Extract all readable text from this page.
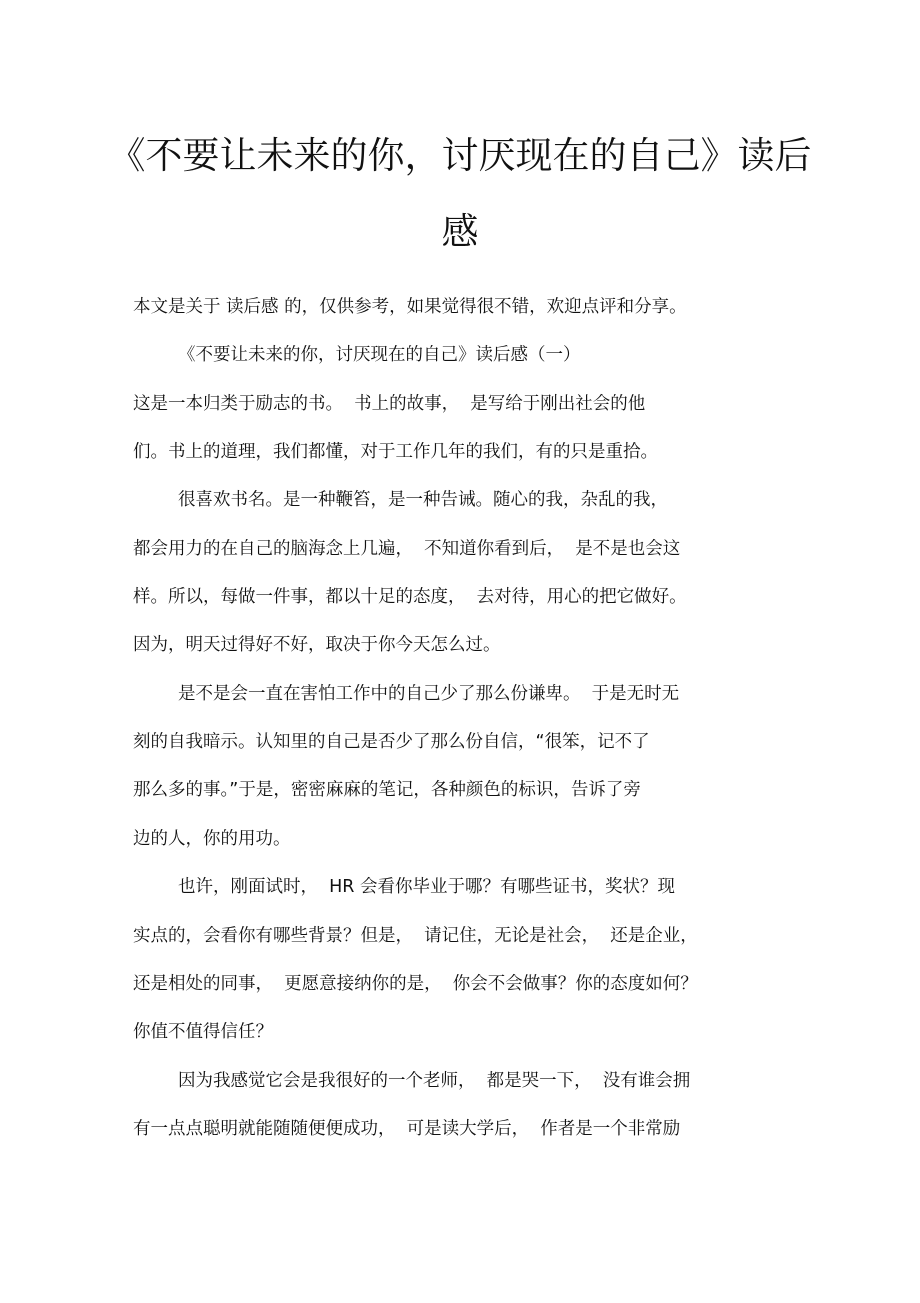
《不要让未来的你，讨厌现在的自己》读后
感
本文是关于 读后感 的，仅供参考，如果觉得很不错，欢迎点评和分享。
《不要让未来的你，讨厌现在的自己》读后感（一）
这是一本归类于励志的书。  书上的故事，  是写给于刚出社会的他
们。书上的道理，我们都懂，对于工作几年的我们，有的只是重拾。
很喜欢书名。是一种鞭笞，是一种告诫。随心的我，杂乱的我，
都会用力的在自己的脑海念上几遍，  不知道你看到后，  是不是也会这
样。所以，每做一件事，都以十足的态度，  去对待，用心的把它做好。
因为，明天过得好不好，取决于你今天怎么过。
是不是会一直在害怕工作中的自己少了那么份谦卑。  于是无时无
刻的自我暗示。认知里的自己是否少了那么份自信，“很笨，记不了
那么多的事。”于是，密密麻麻的笔记，各种颜色的标识，告诉了旁
边的人，你的用功。
也许，刚面试时，  HR 会看你毕业于哪？有哪些证书，奖状？现
实点的，会看你有哪些背景？但是，  请记住，无论是社会，  还是企业，
还是相处的同事，  更愿意接纳你的是，  你会不会做事？你的态度如何？
你值不值得信任？
因为我感觉它会是我很好的一个老师，  都是哭一下，  没有谁会拥
有一点点聪明就能随随便便成功，  可是读大学后，  作者是一个非常励
